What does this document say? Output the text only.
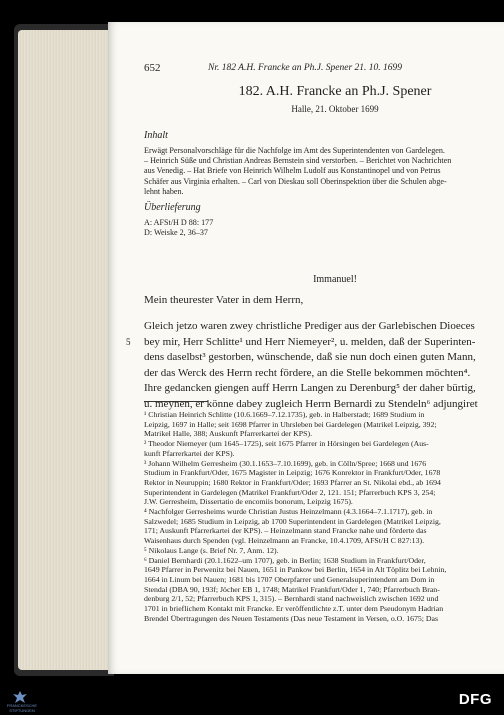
652	Nr. 182 A.H. Francke an Ph.J. Spener 21. 10. 1699
182. A.H. Francke an Ph.J. Spener
Halle, 21. Oktober 1699
Inhalt
Erwägt Personalvorschläge für die Nachfolge im Amt des Superintendenten von Gardelegen.
– Heinrich Süße und Christian Andreas Bernstein sind verstorben. – Berichtet von Nachrichten
aus Venedig. – Hat Briefe von Heinrich Wilhelm Ludolf aus Konstantinopel und von Petrus
Schäfer aus Virginia erhalten. – Carl von Dieskau soll Oberinspektion über die Schulen abge-
lehnt haben.
Überlieferung
A: AFSt/H D 88: 177
D: Weiske 2, 36–37
Immanuel!
Mein theurester Vater in dem Herrn,
5
Gleich jetzo waren zwey christliche Prediger aus der Garlebischen Dioeces
bey mir, Herr Schlitte¹ und Herr Niemeyer², u. melden, daß der Superinten-
dens daselbst³ gestorben, wünschende, daß sie nun doch einen guten Mann,
der das Werck des Herrn recht fördere, an die Stelle bekommen möchten⁴.
Ihre gedancken giengen auff Herrn Langen zu Derenburg⁵ der daher bürtig,
u. meynen, er könne dabey zugleich Herrn Bernardi zu Stendeln⁶ adjungiret
¹ Christian Heinrich Schlitte (10.6.1669–7.12.1735), geb. in Halberstadt; 1689 Studium in
Leipzig, 1697 in Halle; seit 1698 Pfarrer in Uhrsleben bei Gardelegen (Matrikel Leipzig, 392;
Matrikel Halle, 388; Auskunft Pfarrerkartei der KPS).
² Theodor Niemeyer (um 1645–1725), seit 1675 Pfarrer in Hörsingen bei Gardelegen (Aus-
kunft Pfarrerkartei der KPS).
³ Johann Wilhelm Gerresheim (30.1.1653–7.10.1699), geb. in Cölln/Spree; 1668 und 1676
Studium in Frankfurt/Oder, 1675 Magister in Leipzig; 1676 Konrektor in Frankfurt/Oder, 1678
Rektor in Neuruppin; 1680 Rektor in Frankfurt/Oder; 1693 Pfarrer an St. Nikolai ebd., ab 1694
Superintendent in Gardelegen (Matrikel Frankfurt/Oder 2, 121. 151; Pfarrerbuch KPS 3, 254;
J.W. Gerresheim, Dissertatio de encomiis bonorum, Leipzig 1675).
⁴ Nachfolger Gerresheims wurde Christian Justus Heinzelmann (4.3.1664–7.1.1717), geb. in
Salzwedel; 1685 Studium in Leipzig, ab 1700 Superintendent in Gardelegen (Matrikel Leipzig,
171; Auskunft Pfarrerkartei der KPS). – Heinzelmann stand Francke nahe und förderte das
Waisenhaus durch Spenden (vgl. Heinzelmann an Francke, 10.4.1709, AFSt/H C 827:13).
⁵ Nikolaus Lange (s. Brief Nr. 7, Anm. 12).
⁶ Daniel Bernhardi (20.1.1622–um 1707), geb. in Berlin; 1638 Studium in Frankfurt/Oder,
1649 Pfarrer in Perwenitz bei Nauen, 1651 in Pankow bei Berlin, 1654 in Alt Töplitz bei Lehnin,
1664 in Linum bei Nauen; 1681 bis 1707 Oberpfarrer und Generalsuperintendent am Dom in
Stendal (DBA 90, 193f; Jöcher EB 1, 1748; Matrikel Frankfurt/Oder 1, 740; Pfarrerbuch Bran-
denburg 2/1, 52; Pfarrerbuch KPS 1, 315). – Bernhardi stand nachweislich zwischen 1692 und
1701 in brieflichem Kontakt mit Francke. Er veröffentlichte z.T. unter dem Pseudonym Hadrian
Brendel Übertragungen des Neuen Testaments (Das neue Testament in Versen, o.O. 1675; Das
FRANCKESCHE STIFTUNGEN
DFG
